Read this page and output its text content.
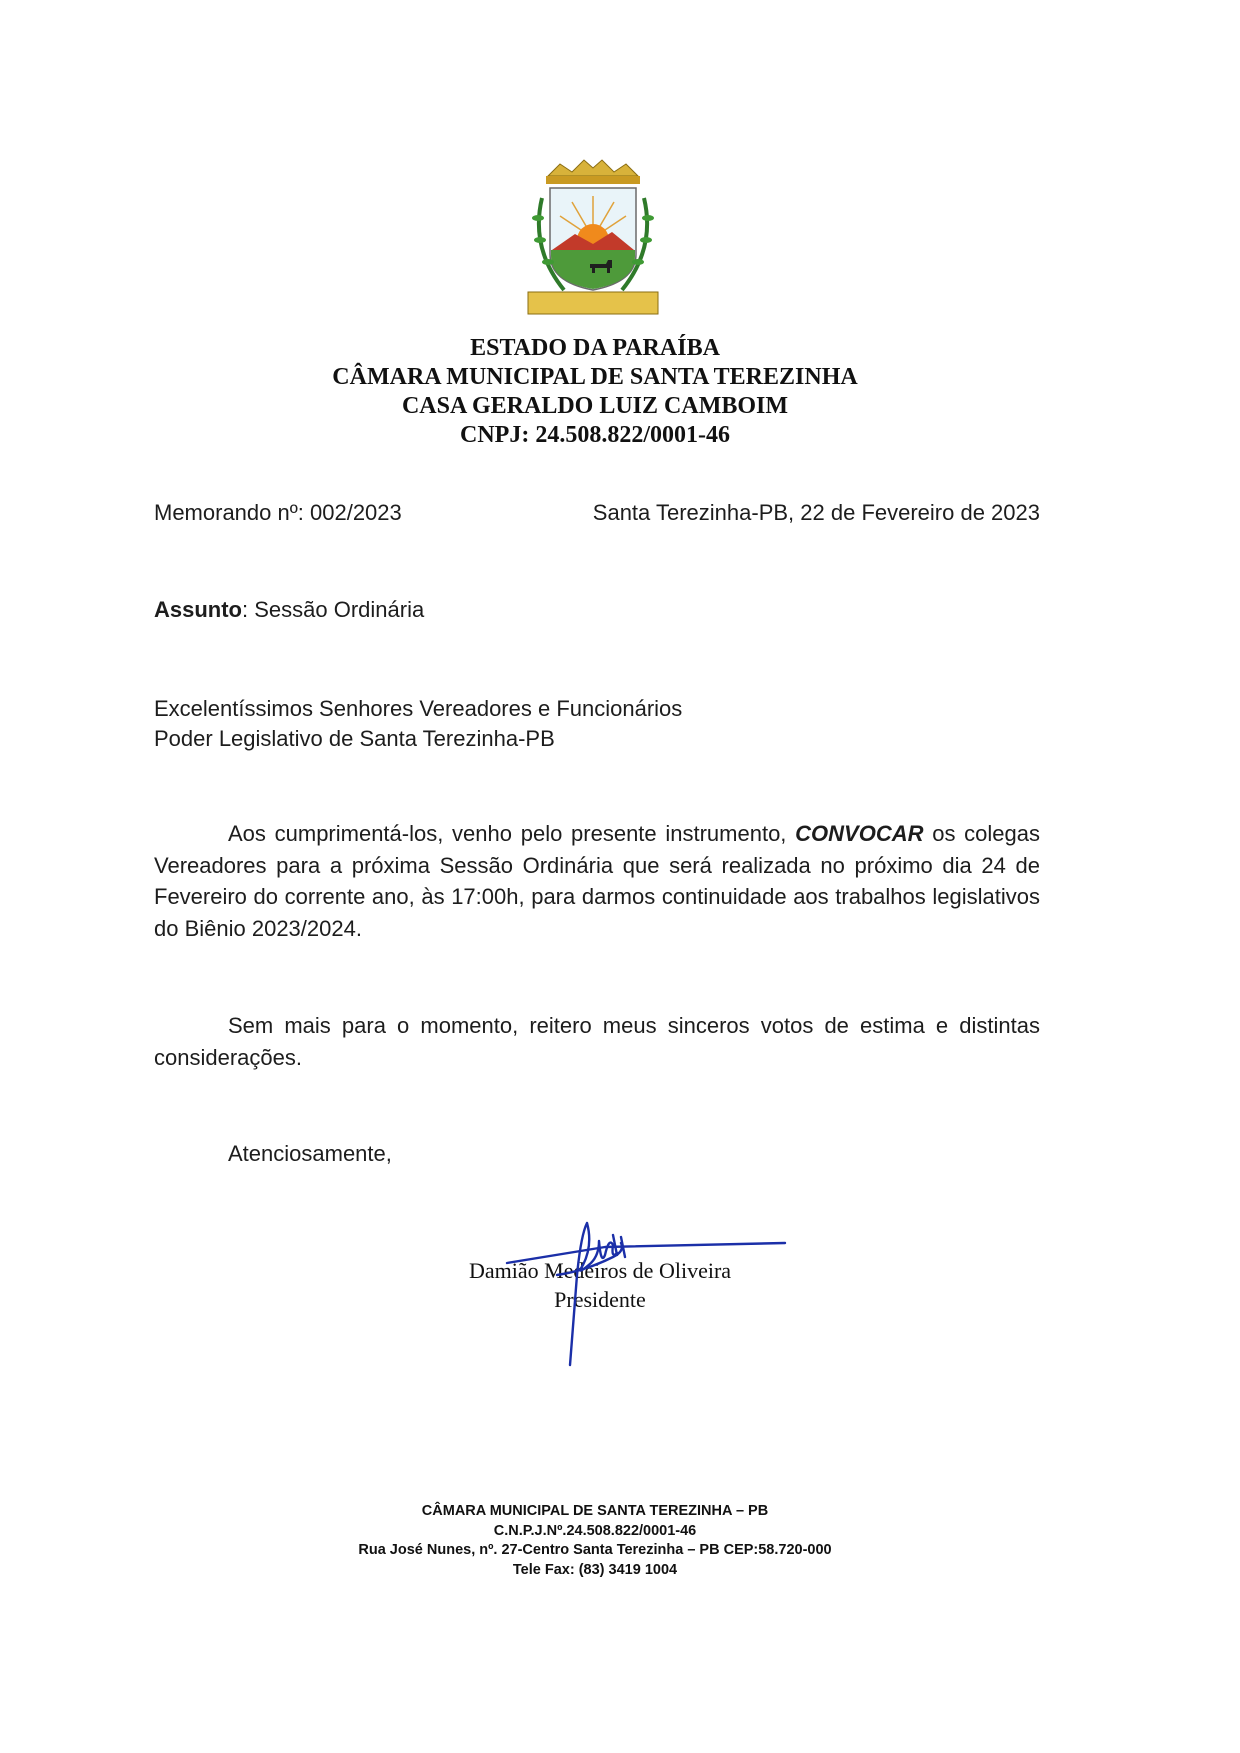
ESTADO DA PARAÍBA
CÂMARA MUNICIPAL DE SANTA TEREZINHA
CASA GERALDO LUIZ CAMBOIM
CNPJ: 24.508.822/0001-46
Memorando nº: 002/2023	Santa Terezinha-PB, 22 de Fevereiro de 2023
Assunto: Sessão Ordinária
Excelentíssimos Senhores Vereadores e Funcionários
Poder Legislativo de Santa Terezinha-PB
Aos cumprimentá-los, venho pelo presente instrumento, CONVOCAR os colegas Vereadores para a próxima Sessão Ordinária que será realizada no próximo dia 24 de Fevereiro do corrente ano, às 17:00h, para darmos continuidade aos trabalhos legislativos do Biênio 2023/2024.
Sem mais para o momento, reitero meus sinceros votos de estima e distintas considerações.
Atenciosamente,
Damião Medeiros de Oliveira
Presidente
CÂMARA MUNICIPAL DE SANTA TEREZINHA – PB
C.N.P.J.Nº.24.508.822/0001-46
Rua José Nunes, nº. 27-Centro Santa Terezinha – PB CEP:58.720-000
Tele Fax: (83) 3419 1004
